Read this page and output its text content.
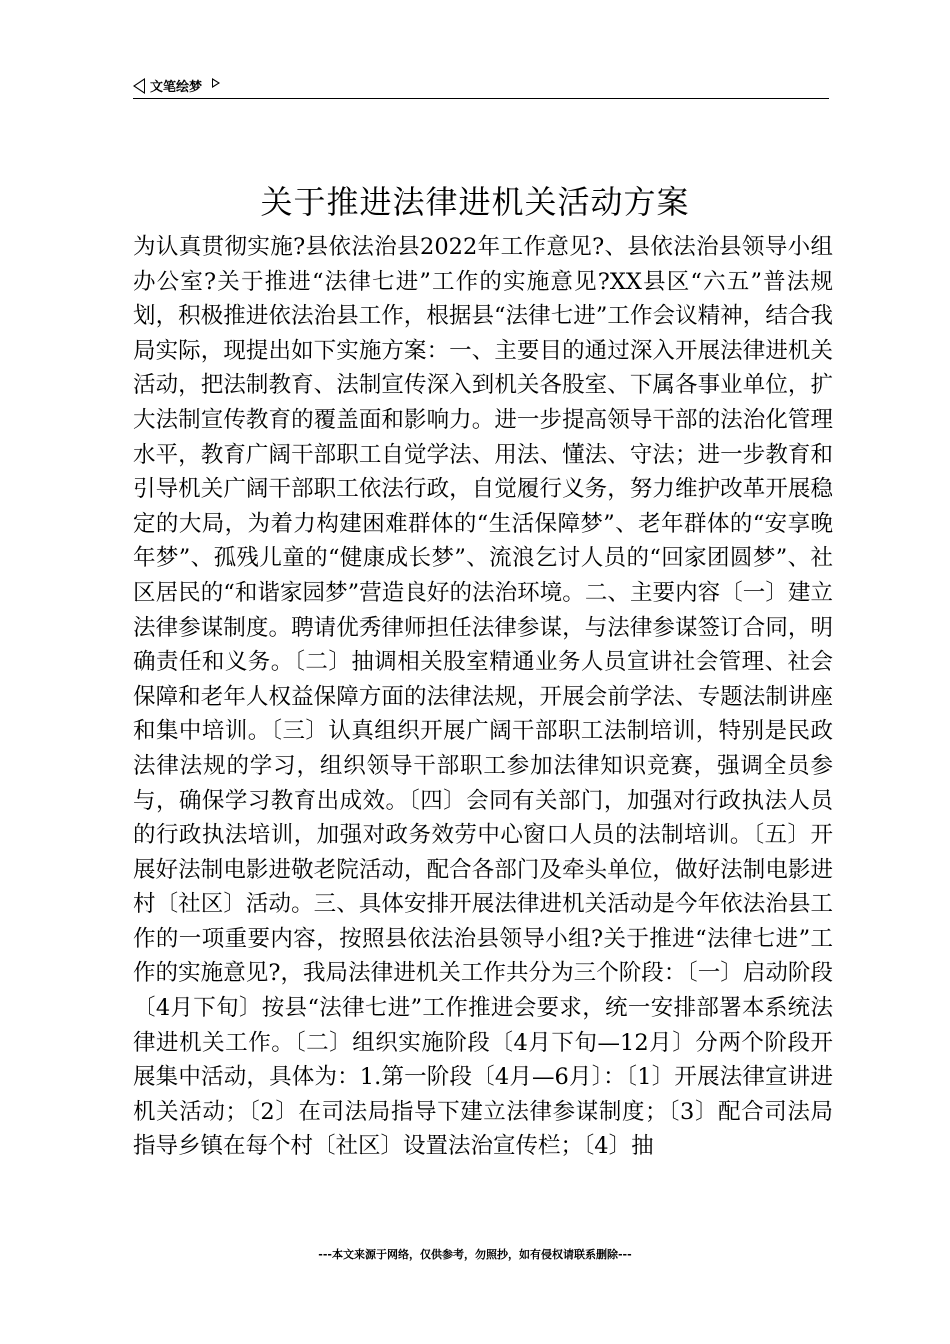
文笔绘梦
关于推进法律进机关活动方案

为认真贯彻实施?县依法治县2022年工作意见?、县依法治县领导小组办公室?关于推进“法律七进”工作的实施意见?XX县区“六五”普法规划，积极推进依法治县工作，根据县“法律七进”工作会议精神，结合我局实际，现提出如下实施方案：一、主要目的通过深入开展法律进机关活动，把法制教育、法制宣传深入到机关各股室、下属各事业单位，扩大法制宣传教育的覆盖面和影响力。进一步提高领导干部的法治化管理水平，教育广阔干部职工自觉学法、用法、懂法、守法；进一步教育和引导机关广阔干部职工依法行政，自觉履行义务，努力维护改革开展稳定的大局，为着力构建困难群体的“生活保障梦”、老年群体的“安享晚年梦”、孤残儿童的“健康成长梦”、流浪乞讨人员的“回家团圆梦”、社区居民的“和谐家园梦”营造良好的法治环境。二、主要内容〔一〕建立法律参谋制度。聘请优秀律师担任法律参谋，与法律参谋签订合同，明确责任和义务。〔二〕抽调相关股室精通业务人员宣讲社会管理、社会保障和老年人权益保障方面的法律法规，开展会前学法、专题法制讲座和集中培训。〔三〕认真组织开展广阔干部职工法制培训，特别是民政法律法规的学习，组织领导干部职工参加法律知识竞赛，强调全员参与，确保学习教育出成效。〔四〕会同有关部门，加强对行政执法人员的行政执法培训，加强对政务效劳中心窗口人员的法制培训。〔五〕开展好法制电影进敬老院活动，配合各部门及牵头单位，做好法制电影进村〔社区〕活动。三、具体安排开展法律进机关活动是今年依法治县工作的一项重要内容，按照县依法治县领导小组?关于推进“法律七进”工作的实施意见?，我局法律进机关工作共分为三个阶段：〔一〕启动阶段〔4月下旬〕按县“法律七进”工作推进会要求，统一安排部署本系统法律进机关工作。〔二〕组织实施阶段〔4月下旬—12月〕分两个阶段开展集中活动，具体为：1.第一阶段〔4月—6月〕：〔1〕开展法律宣讲进机关活动；〔2〕在司法局指导下建立法律参谋制度；〔3〕配合司法局指导乡镇在每个村〔社区〕设置法治宣传栏；〔4〕抽

---本文来源于网络，仅供参考，勿照抄，如有侵权请联系删除---
